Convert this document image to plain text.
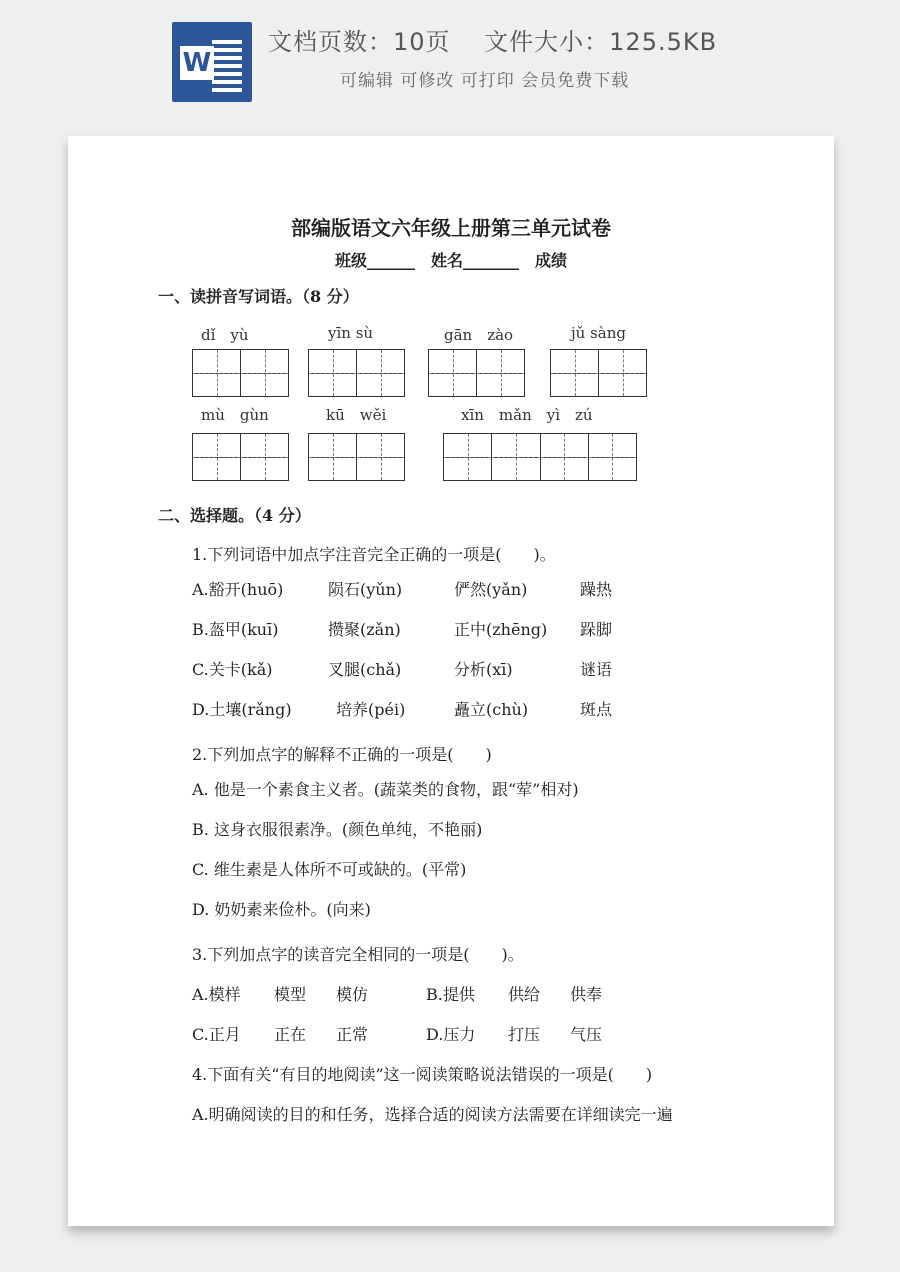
W
文档页数：10页　 文件大小：125.5KB
可编辑 可修改 可打印 会员免费下载
部编版语文六年级上册第三单元试卷
班级______　姓名_______　成绩
一、读拼音写词语。（8 分）
dǐ　yù	yīn sù	gān　zào	jǔ sàng
mù　gùn	kū　wěi	xīn　mǎn　yì　zú
二、选择题。（4 分）
1.下列词语中加点字注音完全正确的一项是(　　)。
A.豁开(huō)	陨石(yǔn)	俨然(yǎn)	躁热
B.盔甲(kuī)	攒聚(zǎn)	正中(zhēng) 跺脚
C.关卡(kǎ)	叉腿(chǎ)	分析(xī)	谜语
D.土壤(rǎng)	培养(péi)	矗立(chù)	斑点
2.下列加点字的解释不正确的一项是(　　)
A. 他是一个素食主义者。(蔬菜类的食物，跟“荤”相对)
B. 这身衣服很素净。(颜色单纯，不艳丽)
C. 维生素是人体所不可或缺的。(平常)
D. 奶奶素来俭朴。(向来)
3.下列加点字的读音完全相同的一项是(　　)。
A.模样 模型 模仿	B.提供 供给 供奉
C.正月 正在 正常	D.压力 打压 气压
4.下面有关“有目的地阅读”这一阅读策略说法错误的一项是(　　)
A.明确阅读的目的和任务，选择合适的阅读方法需要在详细读完一遍
